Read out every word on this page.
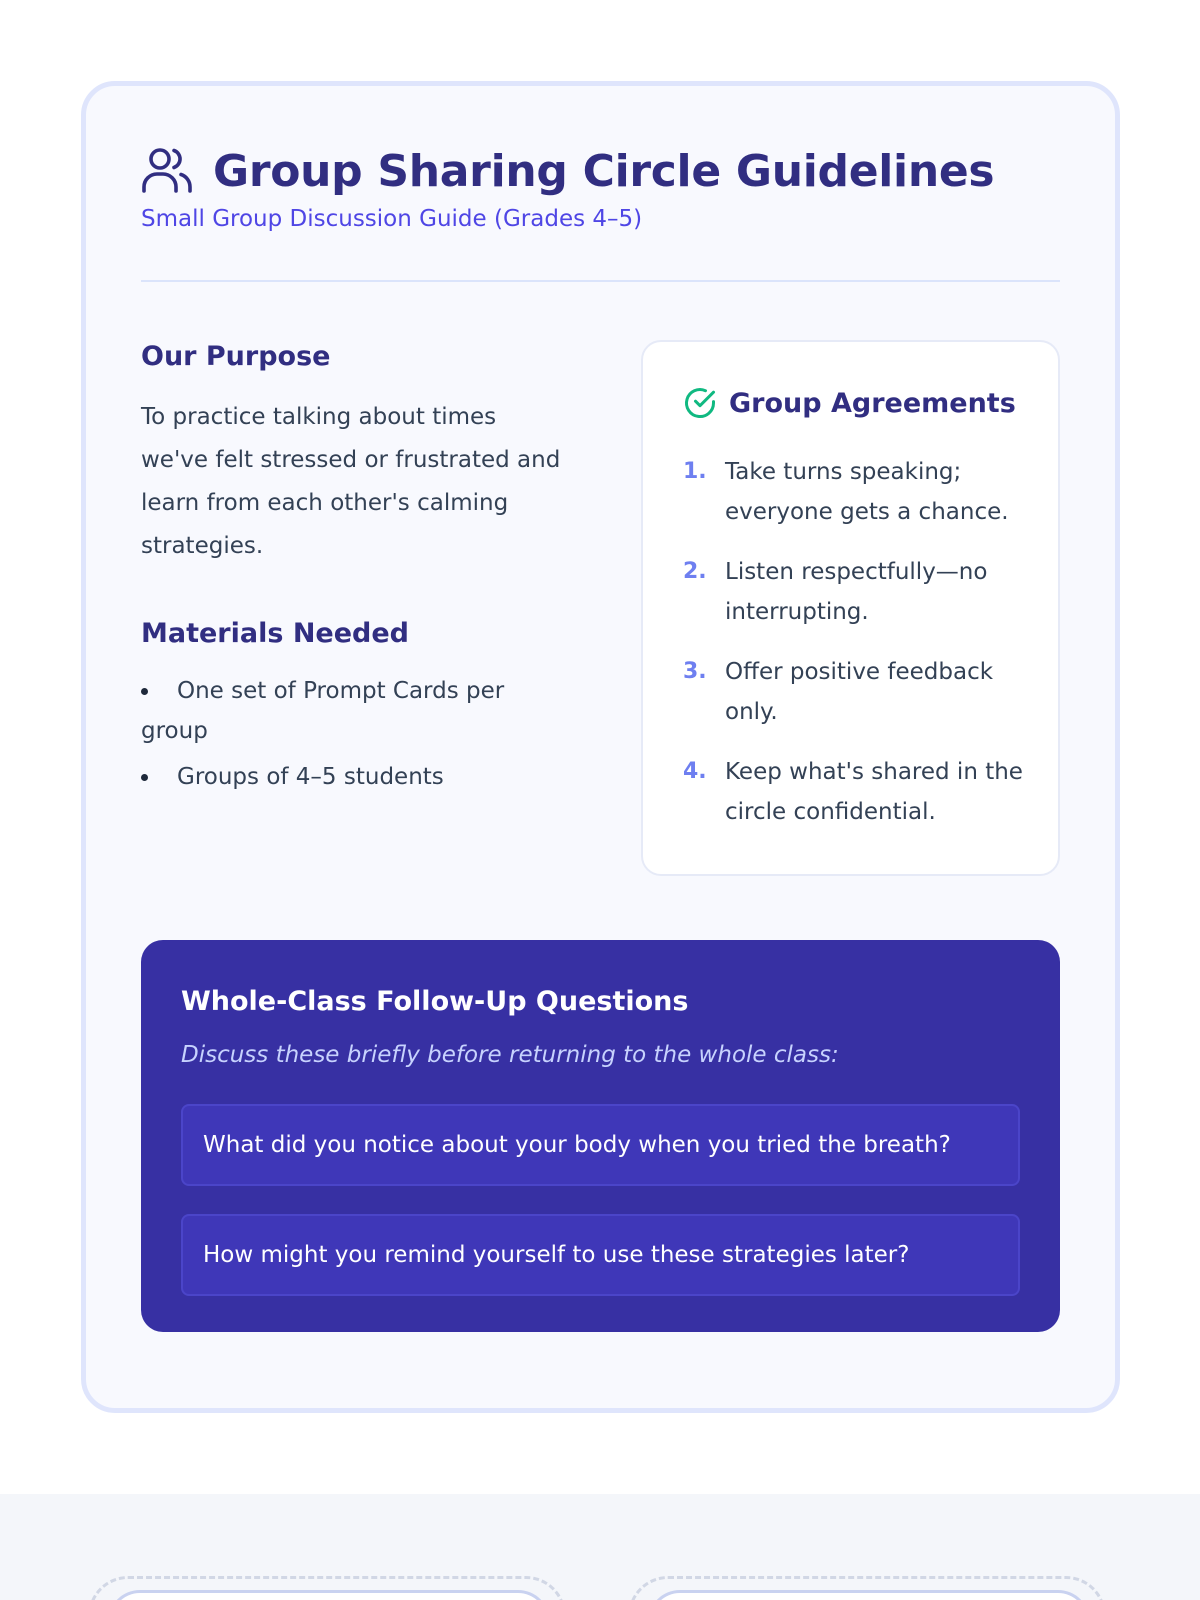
Group Sharing Circle Guidelines
Small Group Discussion Guide (Grades 4–5)
Our Purpose

To practice talking about times we've felt stressed or frustrated and learn from each other's calming strategies.

Materials Needed
One set of Prompt Cards per group
Groups of 4–5 students
Group Agreements
1. Take turns speaking; everyone gets a chance.
2. Listen respectfully—no interrupting.
3. Offer positive feedback only.
4. Keep what's shared in the circle confidential.
Whole-Class Follow-Up Questions
Discuss these briefly before returning to the whole class:
What did you notice about your body when you tried the breath?
How might you remind yourself to use these strategies later?
